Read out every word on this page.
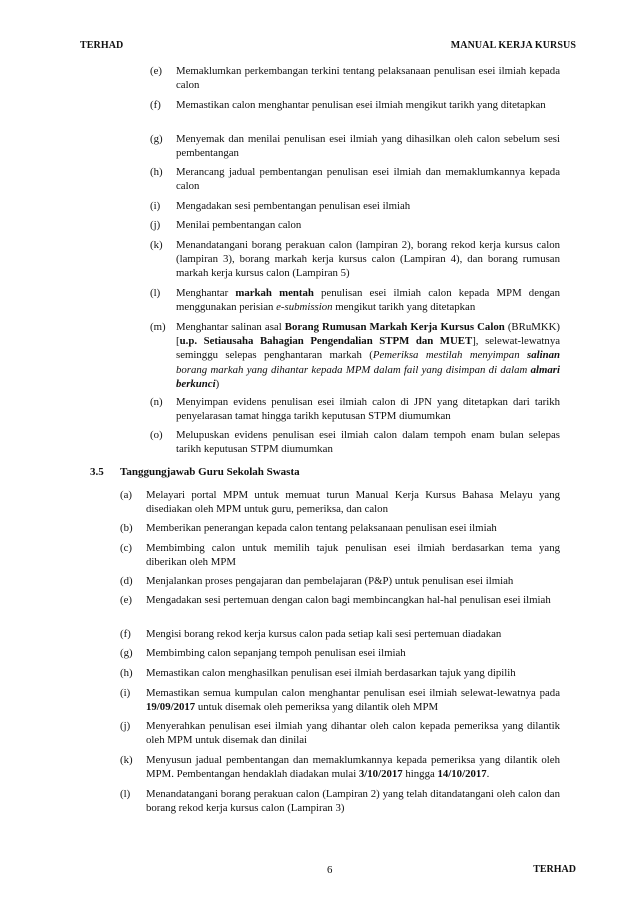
TERHAD	MANUAL KERJA KURSUS
(e)	Memaklumkan perkembangan terkini tentang pelaksanaan penulisan esei ilmiah kepada calon
(f)	Memastikan calon menghantar penulisan esei ilmiah mengikut tarikh yang ditetapkan
(g)	Menyemak dan menilai penulisan esei ilmiah yang dihasilkan oleh calon sebelum sesi pembentangan
(h)	Merancang jadual pembentangan penulisan esei ilmiah dan memaklumkannya kepada calon
(i)	Mengadakan sesi pembentangan penulisan esei ilmiah
(j)	Menilai pembentangan calon
(k)	Menandatangani borang perakuan calon (lampiran 2), borang rekod kerja kursus calon (lampiran 3), borang markah kerja kursus calon (Lampiran 4), dan borang rumusan markah kerja kursus calon (Lampiran 5)
(l)	Menghantar markah mentah penulisan esei ilmiah calon kepada MPM dengan menggunakan perisian e-submission mengikut tarikh yang ditetapkan
(m) Menghantar salinan asal Borang Rumusan Markah Kerja Kursus Calon (BRuMKK) [u.p. Setiausaha Bahagian Pengendalian STPM dan MUET], selewat-lewatnya seminggu selepas penghantaran markah (Pemeriksa mestilah menyimpan salinan borang markah yang dihantar kepada MPM dalam fail yang disimpan di dalam almari berkunci)
(n)	Menyimpan evidens penulisan esei ilmiah calon di JPN yang ditetapkan dari tarikh penyelarasan tamat hingga tarikh keputusan STPM diumumkan
(o)	Melupuskan evidens penulisan esei ilmiah calon dalam tempoh enam bulan selepas tarikh keputusan STPM diumumkan
3.5 Tanggungjawab Guru Sekolah Swasta
(a)	Melayari portal MPM untuk memuat turun Manual Kerja Kursus Bahasa Melayu yang disediakan oleh MPM untuk guru, pemeriksa, dan calon
(b)	Memberikan penerangan kepada calon tentang pelaksanaan penulisan esei ilmiah
(c)	Membimbing calon untuk memilih tajuk penulisan esei ilmiah berdasarkan tema yang diberikan oleh MPM
(d)	Menjalankan proses pengajaran dan pembelajaran (P&P) untuk penulisan esei ilmiah
(e)	Mengadakan sesi pertemuan dengan calon bagi membincangkan hal-hal penulisan esei ilmiah
(f)	Mengisi borang rekod kerja kursus calon pada setiap kali sesi pertemuan diadakan
(g)	Membimbing calon sepanjang tempoh penulisan esei ilmiah
(h)	Memastikan calon menghasilkan penulisan esei ilmiah berdasarkan tajuk yang dipilih
(i)	Memastikan semua kumpulan calon menghantar penulisan esei ilmiah selewat-lewatnya pada 19/09/2017 untuk disemak oleh pemeriksa yang dilantik oleh MPM
(j)	Menyerahkan penulisan esei ilmiah yang dihantar oleh calon kepada pemeriksa yang dilantik oleh MPM untuk disemak dan dinilai
(k)	Menyusun jadual pembentangan dan memaklumkannya kepada pemeriksa yang dilantik oleh MPM. Pembentangan hendaklah diadakan mulai 3/10/2017 hingga 14/10/2017.
(l)	Menandatangani borang perakuan calon (Lampiran 2) yang telah ditandatangani oleh calon dan borang rekod kerja kursus calon (Lampiran 3)
6	TERHAD
